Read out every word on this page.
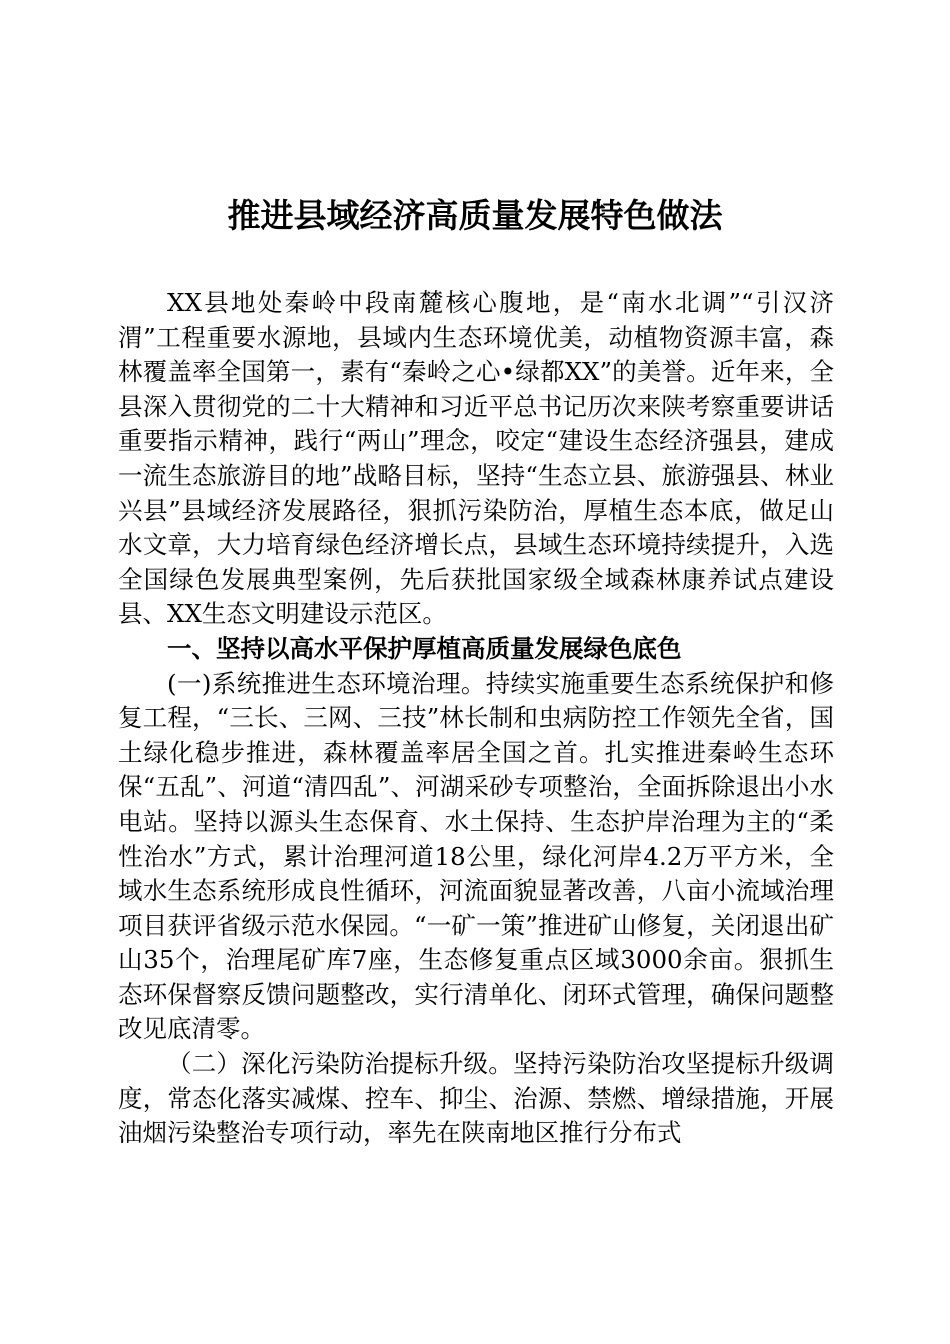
推进县域经济高质量发展特色做法

XX县地处秦岭中段南麓核心腹地，是“南水北调”“引汉济渭”工程重要水源地，县域内生态环境优美，动植物资源丰富，森林覆盖率全国第一，素有“秦岭之心•绿都XX”的美誉。近年来，全县深入贯彻党的二十大精神和习近平总书记历次来陕考察重要讲话重要指示精神，践行“两山”理念，咬定“建设生态经济强县，建成一流生态旅游目的地”战略目标，坚持“生态立县、旅游强县、林业兴县”县域经济发展路径，狠抓污染防治，厚植生态本底，做足山水文章，大力培育绿色经济增长点，县域生态环境持续提升，入选全国绿色发展典型案例，先后获批国家级全域森林康养试点建设县、XX生态文明建设示范区。

一、坚持以高水平保护厚植高质量发展绿色底色

(一)系统推进生态环境治理。持续实施重要生态系统保护和修复工程，“三长、三网、三技”林长制和虫病防控工作领先全省，国土绿化稳步推进，森林覆盖率居全国之首。扎实推进秦岭生态环保“五乱”、河道“清四乱”、河湖采砂专项整治，全面拆除退出小水电站。坚持以源头生态保育、水土保持、生态护岸治理为主的“柔性治水”方式，累计治理河道18公里，绿化河岸4.2万平方米，全域水生态系统形成良性循环，河流面貌显著改善，八亩小流域治理项目获评省级示范水保园。“一矿一策”推进矿山修复，关闭退出矿山35个，治理尾矿库7座，生态修复重点区域3000余亩。狠抓生态环保督察反馈问题整改，实行清单化、闭环式管理，确保问题整改见底清零。

（二）深化污染防治提标升级。坚持污染防治攻坚提标升级调度，常态化落实减煤、控车、抑尘、治源、禁燃、增绿措施，开展油烟污染整治专项行动，率先在陕南地区推行分布式
